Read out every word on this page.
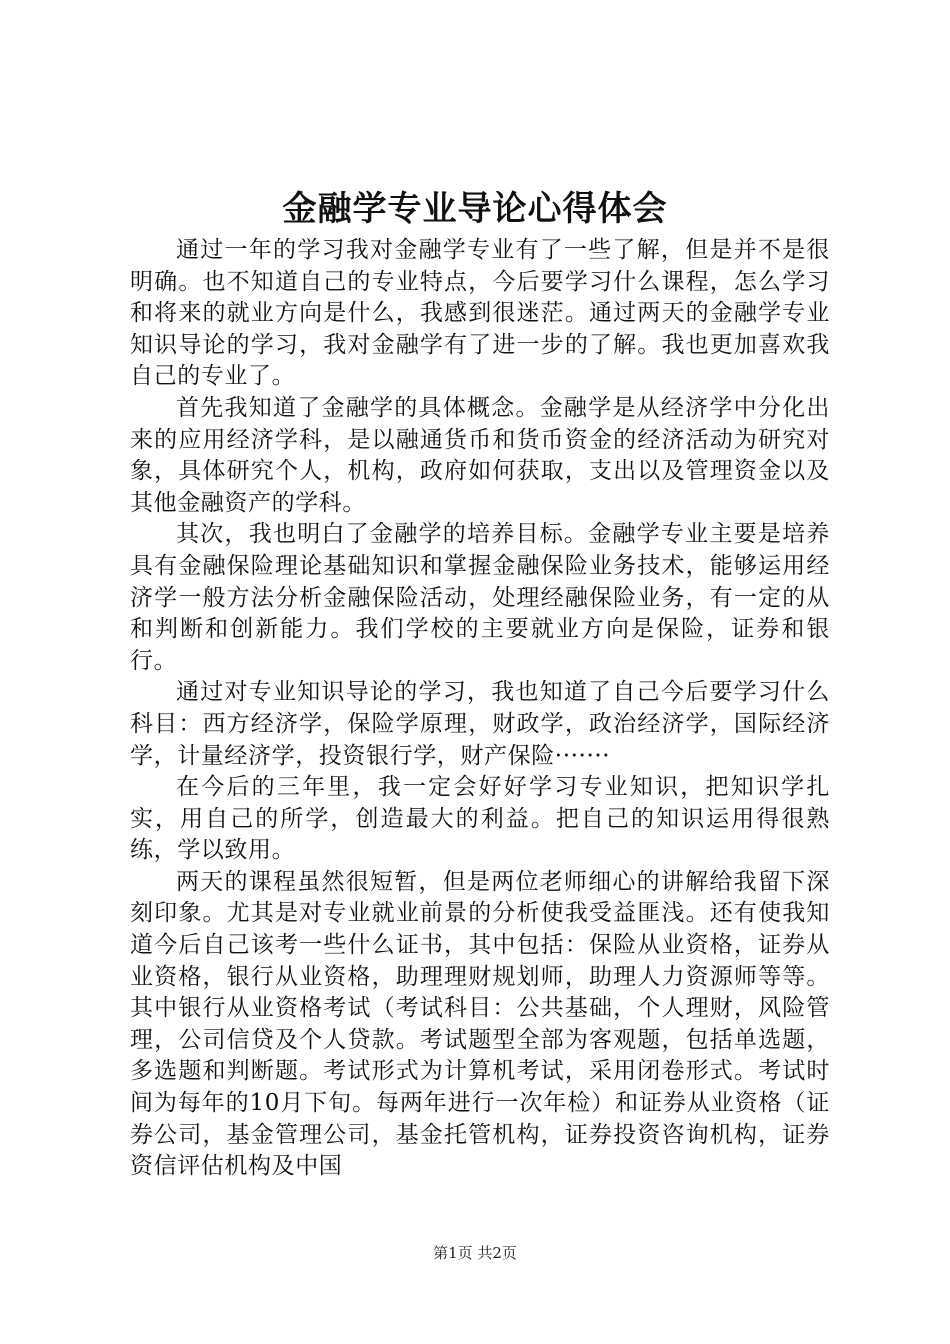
金融学专业导论心得体会

通过一年的学习我对金融学专业有了一些了解，但是并不是很明确。也不知道自己的专业特点，今后要学习什么课程，怎么学习和将来的就业方向是什么，我感到很迷茫。通过两天的金融学专业知识导论的学习，我对金融学有了进一步的了解。我也更加喜欢我自己的专业了。

首先我知道了金融学的具体概念。金融学是从经济学中分化出来的应用经济学科，是以融通货币和货币资金的经济活动为研究对象，具体研究个人，机构，政府如何获取，支出以及管理资金以及其他金融资产的学科。

其次，我也明白了金融学的培养目标。金融学专业主要是培养具有金融保险理论基础知识和掌握金融保险业务技术，能够运用经济学一般方法分析金融保险活动，处理经融保险业务，有一定的从和判断和创新能力。我们学校的主要就业方向是保险，证券和银行。

通过对专业知识导论的学习，我也知道了自己今后要学习什么科目：西方经济学，保险学原理，财政学，政治经济学，国际经济学，计量经济学，投资银行学，财产保险·······

在今后的三年里，我一定会好好学习专业知识，把知识学扎实，用自己的所学，创造最大的利益。把自己的知识运用得很熟练，学以致用。

两天的课程虽然很短暂，但是两位老师细心的讲解给我留下深刻印象。尤其是对专业就业前景的分析使我受益匪浅。还有使我知道今后自己该考一些什么证书，其中包括：保险从业资格，证券从业资格，银行从业资格，助理理财规划师，助理人力资源师等等。其中银行从业资格考试（考试科目：公共基础，个人理财，风险管理，公司信贷及个人贷款。考试题型全部为客观题，包括单选题，多选题和判断题。考试形式为计算机考试，采用闭卷形式。考试时间为每年的10月下旬。每两年进行一次年检）和证券从业资格（证券公司，基金管理公司，基金托管机构，证券投资咨询机构，证券资信评估机构及中国

第1页 共2页
